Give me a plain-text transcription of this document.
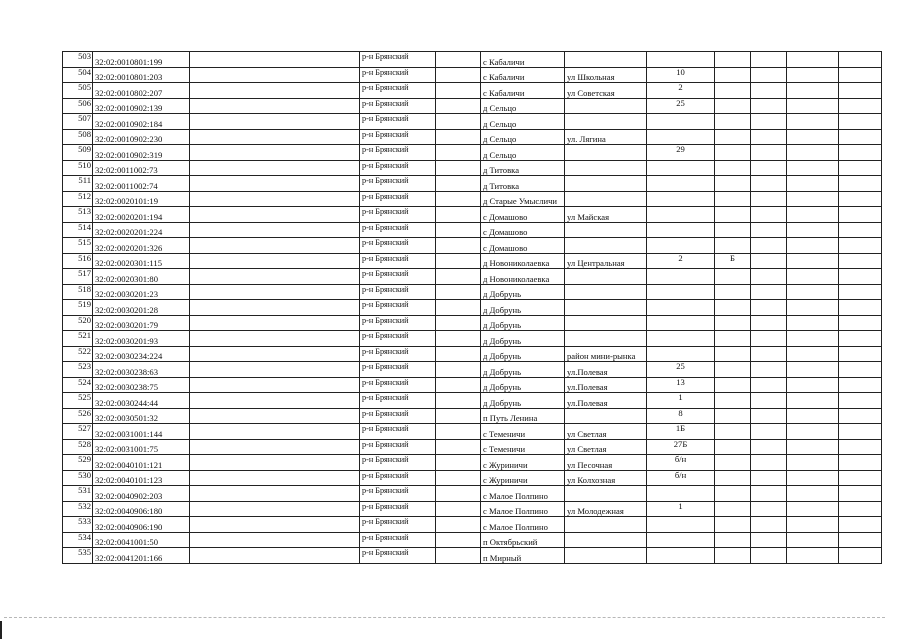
503	32:02:0010801:199		р-н Брянский		с Кабаличи						
504	32:02:0010801:203		р-н Брянский		с Кабаличи	ул Школьная	10				
505	32:02:0010802:207		р-н Брянский		с Кабаличи	ул Советская	2				
506	32:02:0010902:139		р-н Брянский		д Сельцо		25				
507	32:02:0010902:184		р-н Брянский		д Сельцо						
508	32:02:0010902:230		р-н Брянский		д Сельцо	ул. Лягина					
509	32:02:0010902:319		р-н Брянский		д Сельцо		29				
510	32:02:0011002:73		р-н Брянский		д Титовка						
511	32:02:0011002:74		р-н Брянский		д Титовка						
512	32:02:0020101:19		р-н Брянский		д Старые Умысличи						
513	32:02:0020201:194		р-н Брянский		с Домашово	ул Майская					
514	32:02:0020201:224		р-н Брянский		с Домашово						
515	32:02:0020201:326		р-н Брянский		с Домашово						
516	32:02:0020301:115		р-н Брянский		д Новониколаевка	ул Центральная	2	Б			
517	32:02:0020301:80		р-н Брянский		д Новониколаевка						
518	32:02:0030201:23		р-н Брянский		д Добрунь						
519	32:02:0030201:28		р-н Брянский		д Добрунь						
520	32:02:0030201:79		р-н Брянский		д Добрунь						
521	32:02:0030201:93		р-н Брянский		д Добрунь						
522	32:02:0030234:224		р-н Брянский		д Добрунь	район мини-рынка					
523	32:02:0030238:63		р-н Брянский		д Добрунь	ул.Полевая	25				
524	32:02:0030238:75		р-н Брянский		д Добрунь	ул.Полевая	13				
525	32:02:0030244:44		р-н Брянский		д Добрунь	ул.Полевая	1				
526	32:02:0030501:32		р-н Брянский		п Путь Ленина		8				
527	32:02:0031001:144		р-н Брянский		с Теменичи	ул Светлая	1Б				
528	32:02:0031001:75		р-н Брянский		с Теменичи	ул Светлая	27Б				
529	32:02:0040101:121		р-н Брянский		с Журиничи	ул Песочная	б/н				
530	32:02:0040101:123		р-н Брянский		с Журиничи	ул Колхозная	б/н				
531	32:02:0040902:203		р-н Брянский		с Малое Полпино						
532	32:02:0040906:180		р-н Брянский		с Малое Полпино	ул Молодежная	1				
533	32:02:0040906:190		р-н Брянский		с Малое Полпино						
534	32:02:0041001:50		р-н Брянский		п Октябрьский						
535	32:02:0041201:166		р-н Брянский		п Мирный						
